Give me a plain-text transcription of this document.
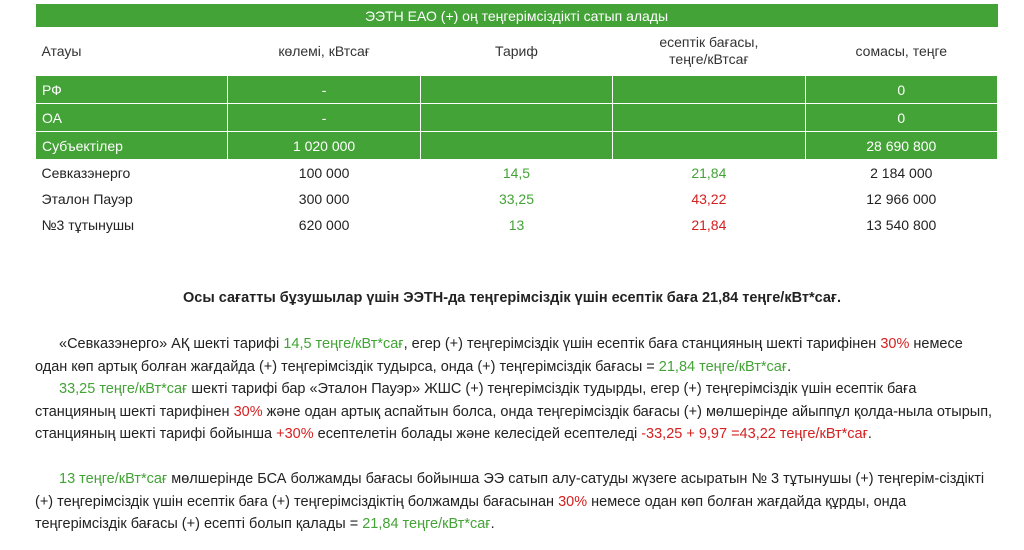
ЭЭТН ЕАО (+) оң теңгерімсіздікті сатып алады				
Атауы	көлемі, кВтсағ	Тариф	есептік бағасы,
теңге/кВтсағ	сомасы, теңге
РФ	-			0
ОА	-			0
Субъектілер	1 020 000			28 690 800
Севказэнерго	100 000	14,5	21,84	2 184 000
Эталон Пауэр	300 000	33,25	43,22	12 966 000
№3 тұтынушы	620 000	13	21,84	13 540 800
Осы сағатты бұзушылар үшін ЭЭТН-да теңгерімсіздік үшін есептік баға 21,84 теңге/кВт*сағ.
«Севказэнерго» АҚ шекті тарифі 14,5 теңге/кВт*сағ, егер (+) теңгерімсіздік үшін есептік баға станцияның шекті тарифінен 30% немесе одан көп артық болған жағдайда (+) теңгерімсіздік тудырса, онда (+) теңгерімсіздік бағасы = 21,84 теңге/кВт*сағ.
33,25 теңге/кВт*сағ шекті тарифі бар «Эталон Пауэр» ЖШС (+) теңгерімсіздік тудырды, егер (+) теңгерімсіздік үшін есептік баға станцияның шекті тарифінен 30% және одан артық аспайтын болса, онда теңгерімсіздік бағасы (+) мөлшерінде айыппұл қолда-ныла отырып, станцияның шекті тарифі бойынша +30% есептелетін болады және келесідей есептеледі -33,25 + 9,97 =43,22 теңге/кВт*сағ.
13 теңге/кВт*сағ мөлшерінде БСА болжамды бағасы бойынша ЭЭ сатып алу-сатуды жүзеге асыратын № 3 тұтынушы (+) теңгерім-сіздікті (+) теңгерімсіздік үшін есептік баға (+) теңгерімсіздіктің болжамды бағасынан 30% немесе одан көп болған жағдайда құрды, онда теңгерімсіздік бағасы (+) есепті болып қалады = 21,84 теңге/кВт*сағ.
